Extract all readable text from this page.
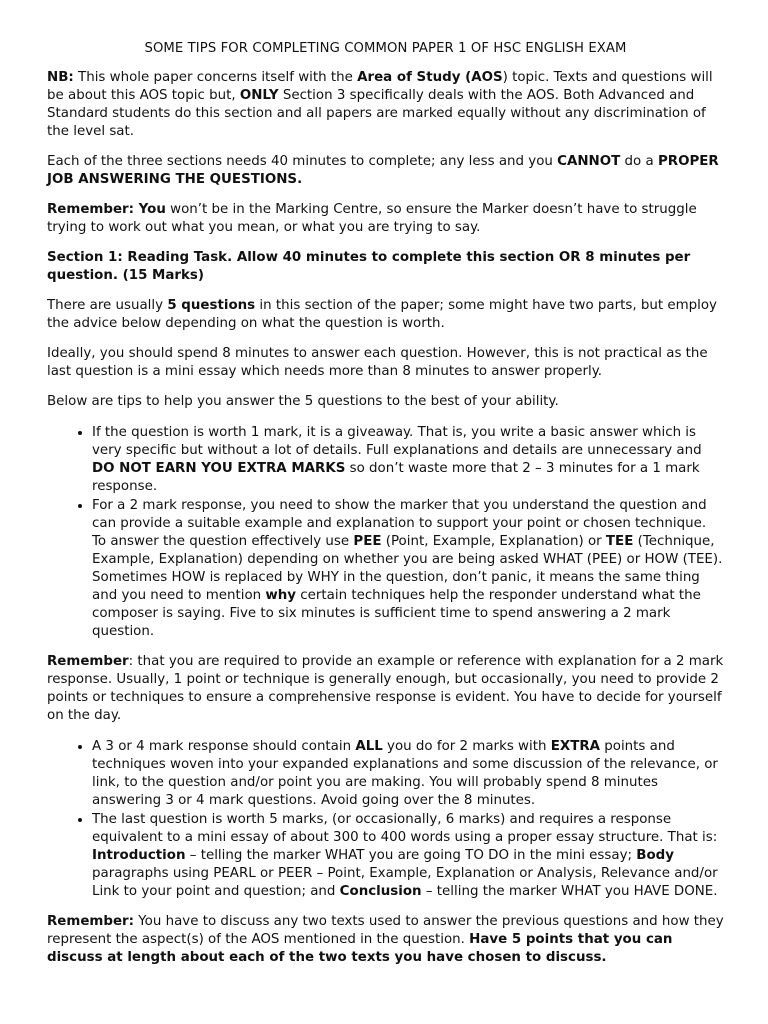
SOME TIPS FOR COMPLETING COMMON PAPER 1 OF HSC ENGLISH EXAM

NB: This whole paper concerns itself with the Area of Study (AOS) topic. Texts and questions will be about this AOS topic but, ONLY Section 3 specifically deals with the AOS. Both Advanced and Standard students do this section and all papers are marked equally without any discrimination of the level sat.

Each of the three sections needs 40 minutes to complete; any less and you CANNOT do a PROPER JOB ANSWERING THE QUESTIONS.

Remember: You won’t be in the Marking Centre, so ensure the Marker doesn’t have to struggle trying to work out what you mean, or what you are trying to say.

Section 1: Reading Task. Allow 40 minutes to complete this section OR 8 minutes per question. (15 Marks)

There are usually 5 questions in this section of the paper; some might have two parts, but employ the advice below depending on what the question is worth.

Ideally, you should spend 8 minutes to answer each question. However, this is not practical as the last question is a mini essay which needs more than 8 minutes to answer properly.

Below are tips to help you answer the 5 questions to the best of your ability.

• If the question is worth 1 mark, it is a giveaway. That is, you write a basic answer which is very specific but without a lot of details. Full explanations and details are unnecessary and DO NOT EARN YOU EXTRA MARKS so don’t waste more that 2 – 3 minutes for a 1 mark response.
• For a 2 mark response, you need to show the marker that you understand the question and can provide a suitable example and explanation to support your point or chosen technique. To answer the question effectively use PEE (Point, Example, Explanation) or TEE (Technique, Example, Explanation) depending on whether you are being asked WHAT (PEE) or HOW (TEE). Sometimes HOW is replaced by WHY in the question, don’t panic, it means the same thing and you need to mention why certain techniques help the responder understand what the composer is saying. Five to six minutes is sufficient time to spend answering a 2 mark question.

Remember: that you are required to provide an example or reference with explanation for a 2 mark response. Usually, 1 point or technique is generally enough, but occasionally, you need to provide 2 points or techniques to ensure a comprehensive response is evident. You have to decide for yourself on the day.

• A 3 or 4 mark response should contain ALL you do for 2 marks with EXTRA points and techniques woven into your expanded explanations and some discussion of the relevance, or link, to the question and/or point you are making. You will probably spend 8 minutes answering 3 or 4 mark questions. Avoid going over the 8 minutes.
• The last question is worth 5 marks, (or occasionally, 6 marks) and requires a response equivalent to a mini essay of about 300 to 400 words using a proper essay structure. That is: Introduction – telling the marker WHAT you are going TO DO in the mini essay; Body paragraphs using PEARL or PEER – Point, Example, Explanation or Analysis, Relevance and/or Link to your point and question; and Conclusion – telling the marker WHAT you HAVE DONE.

Remember: You have to discuss any two texts used to answer the previous questions and how they represent the aspect(s) of the AOS mentioned in the question. Have 5 points that you can discuss at length about each of the two texts you have chosen to discuss.
